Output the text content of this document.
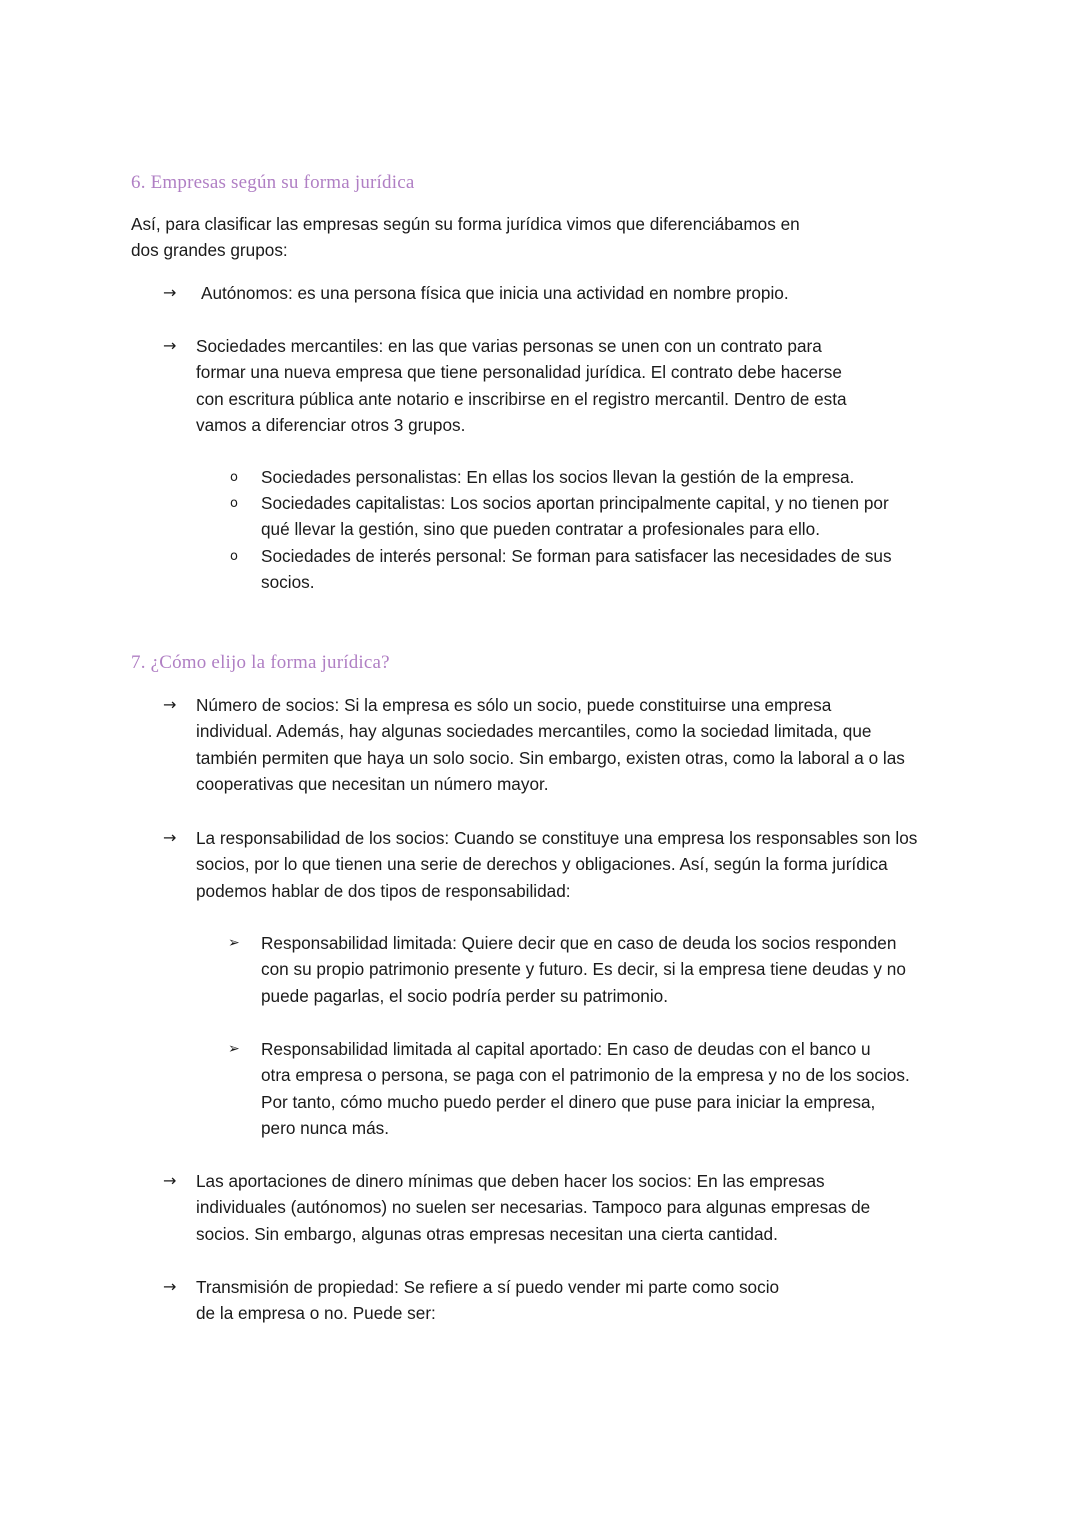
6. Empresas según su forma jurídica
Así, para clasificar las empresas según su forma jurídica vimos que diferenciábamos en
dos grandes grupos:
→	Autónomos: es una persona física que inicia una actividad en nombre propio.
→	Sociedades mercantiles: en las que varias personas se unen con un contrato para
formar una nueva empresa que tiene personalidad jurídica. El contrato debe hacerse
con escritura pública ante notario e inscribirse en el registro mercantil. Dentro de esta
vamos a diferenciar otros 3 grupos.
o Sociedades personalistas: En ellas los socios llevan la gestión de la empresa.
o Sociedades capitalistas: Los socios aportan principalmente capital, y no tienen por
qué llevar la gestión, sino que pueden contratar a profesionales para ello.
o Sociedades de interés personal: Se forman para satisfacer las necesidades de sus
socios.
7. ¿Cómo elijo la forma jurídica?
→	Número de socios: Si la empresa es sólo un socio, puede constituirse una empresa
individual. Además, hay algunas sociedades mercantiles, como la sociedad limitada, que
también permiten que haya un solo socio. Sin embargo, existen otras, como la laboral a o las
cooperativas que necesitan un número mayor.
→	La responsabilidad de los socios: Cuando se constituye una empresa los responsables son los
socios, por lo que tienen una serie de derechos y obligaciones. Así, según la forma jurídica
podemos hablar de dos tipos de responsabilidad:
➢ Responsabilidad limitada: Quiere decir que en caso de deuda los socios responden
con su propio patrimonio presente y futuro. Es decir, si la empresa tiene deudas y no
puede pagarlas, el socio podría perder su patrimonio.
➢ Responsabilidad limitada al capital aportado: En caso de deudas con el banco u
otra empresa o persona, se paga con el patrimonio de la empresa y no de los socios.
Por tanto, cómo mucho puedo perder el dinero que puse para iniciar la empresa,
pero nunca más.
→	Las aportaciones de dinero mínimas que deben hacer los socios: En las empresas
individuales (autónomos) no suelen ser necesarias. Tampoco para algunas empresas de
socios. Sin embargo, algunas otras empresas necesitan una cierta cantidad.
→	Transmisión de propiedad: Se refiere a sí puedo vender mi parte como socio
de la empresa o no. Puede ser:
